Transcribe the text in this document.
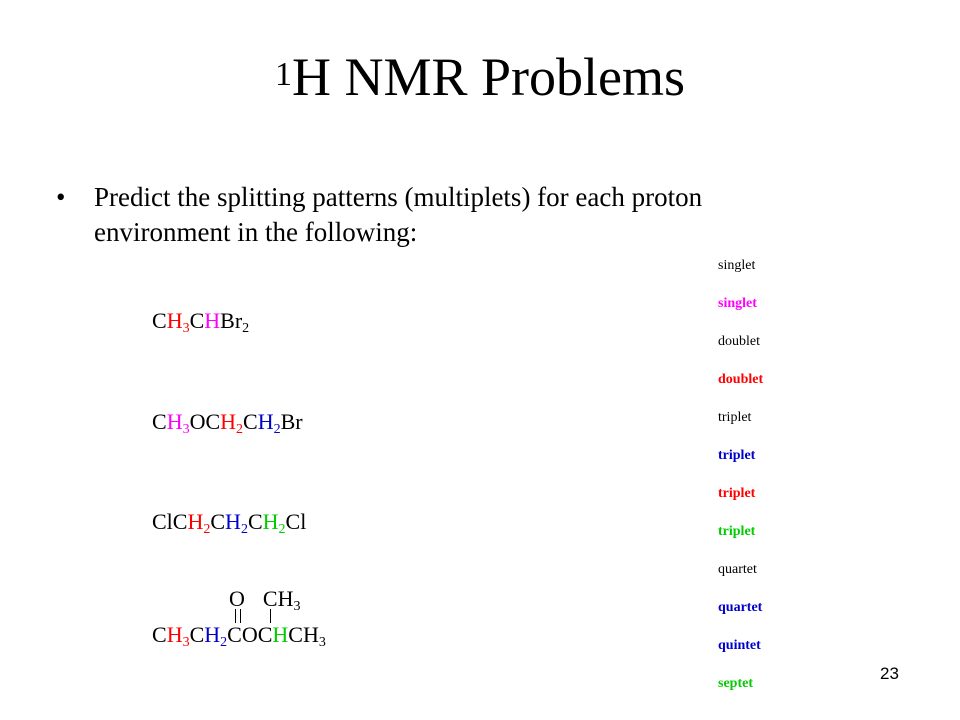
$^1$H NMR Problems
• Predict the splitting patterns (multiplets) for each proton environment in the following:
$CH_3CHBr_2$
$CH_3OCH_2CH_2Br$
$ClCH_2CH_2CH_2Cl$
O $CH_3$
$CH_3CH_2COCHCH_3$
singlet
singlet
doublet
doublet
triplet
triplet
triplet
triplet
quartet
quartet
quintet
septet
23
